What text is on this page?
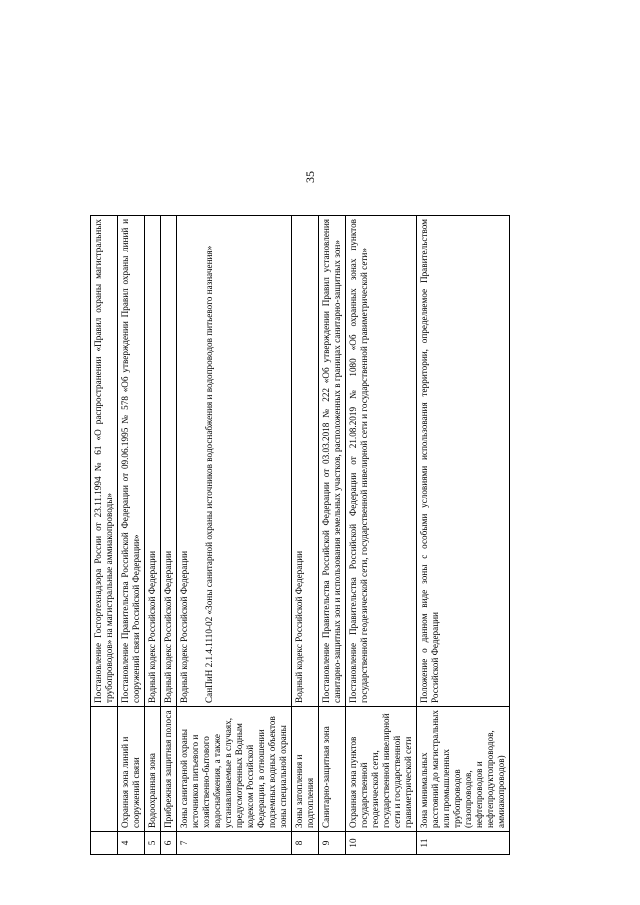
35

		Постановление Госгортехнадзора России от 23.11.1994 № 61 «О распространении «Правил охраны магистральных трубопроводов» на магистральные аммиакопроводы»

4	Охранная зона линий и сооружений связи	Постановление Правительства Российской Федерации от 09.06.1995 № 578 «Об утверждении Правил охраны линий и сооружений связи Российской Федерации»

5	Водоохранная зона	Водный кодекс Российской Федерации

6	Прибрежная защитная полоса	Водный кодекс Российской Федерации

7	Зоны санитарной охраны источников питьевого и хозяйственно-бытового водоснабжения, а также устанавливаемые в случаях, предусмотренных Водным кодексом Российской Федерации, в отношении подземных водных объектов зоны специальной охраны	Водный кодекс Российской Федерации СанПиН 2.1.4.1110-02 «Зоны санитарной охраны источников водоснабжения и водопроводов питьевого назначения»

8	Зоны затопления и подтопления	Водный кодекс Российской Федерации

9	Санитарно-защитная зона	Постановление Правительства Российской Федерации от 03.03.2018 № 222 «Об утверждении Правил установления санитарно-защитных зон и использования земельных участков, расположенных в границах санитарно-защитных зон»

10	Охранная зона пунктов государственной геодезической сети, государственной нивелирной сети и государственной гравиметрической сети	Постановление Правительства Российской Федерации от 21.08.2019 № 1080 «Об охранных зонах пунктов государственной геодезической сети, государственной нивелирной сети и государственной гравиметрической сети»

11	Зона минимальных расстояний до магистральных или промышленных трубопроводов (газопроводов, нефтепроводов и нефтепродуктопроводов, аммиакопроводов)	Положение о данном виде зоны с особыми условиями использования территории, определяемое Правительством Российской Федерации
